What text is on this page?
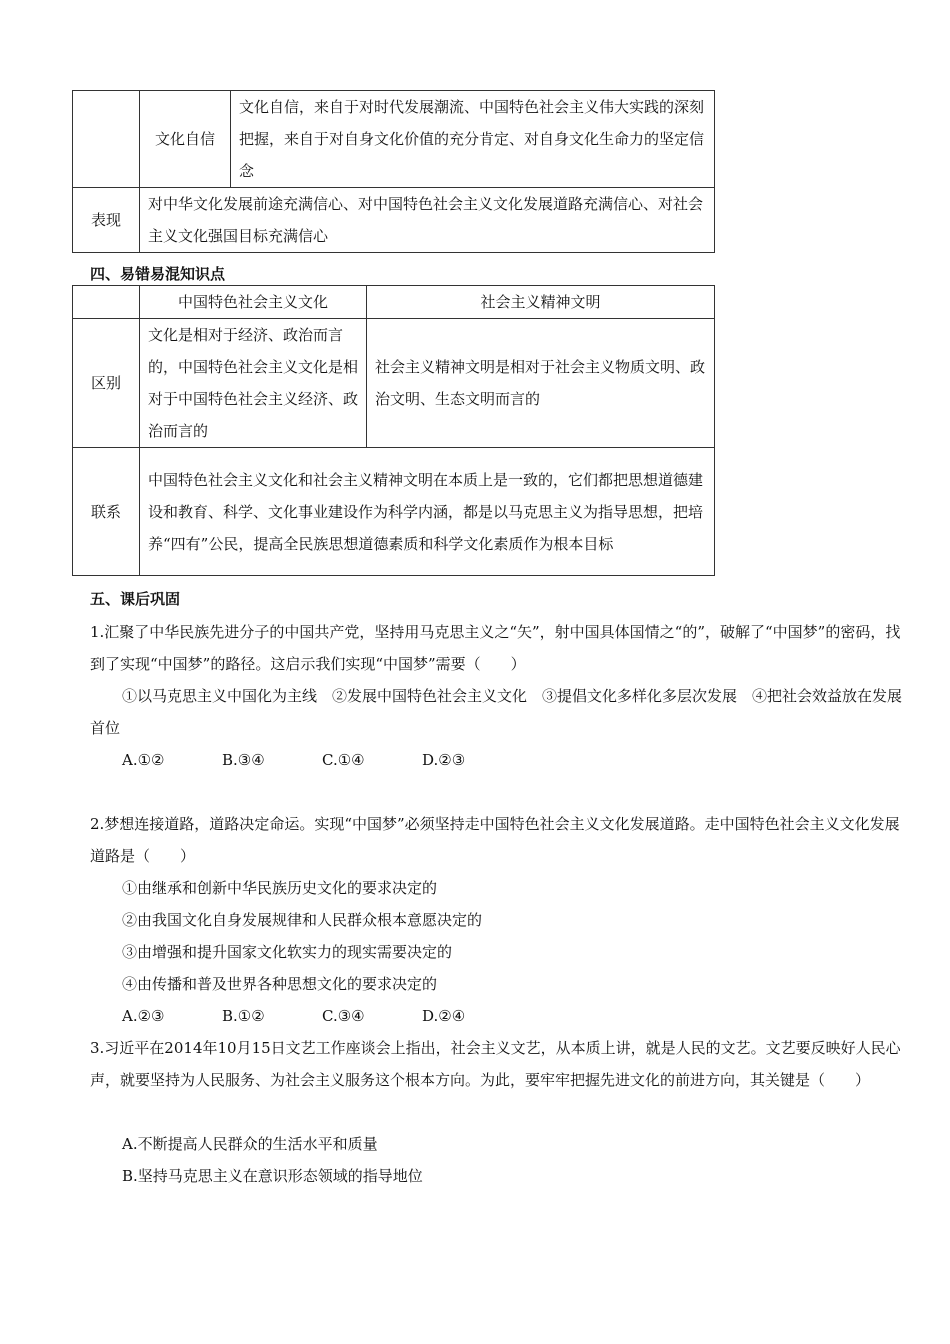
	文化自信	文化自信，来自于对时代发展潮流、中国特色社会主义伟大实践的深刻把握，来自于对自身文化价值的充分肯定、对自身文化生命力的坚定信念
表现	对中华文化发展前途充满信心、对中国特色社会主义文化发展道路充满信心、对社会主义文化强国目标充满信心	
四、易错易混知识点
	中国特色社会主义文化	社会主义精神文明
区别	文化是相对于经济、政治而言的，中国特色社会主义文化是相对于中国特色社会主义经济、政治而言的	社会主义精神文明是相对于社会主义物质文明、政治文明、生态文明而言的
联系	中国特色社会主义文化和社会主义精神文明在本质上是一致的，它们都把思想道德建设和教育、科学、文化事业建设作为科学内涵，都是以马克思主义为指导思想，把培养“四有”公民，提高全民族思想道德素质和科学文化素质作为根本目标	
五、课后巩固
1.汇聚了中华民族先进分子的中国共产党，坚持用马克思主义之“矢”，射中国具体国情之“的”，破解了“中国梦”的密码，找到了实现“中国梦”的路径。这启示我们实现“中国梦”需要（　　）
①以马克思主义中国化为主线　②发展中国特色社会主义文化　③提倡文化多样化多层次发展　④把社会效益放在发展首位
A.①②	B.③④	C.①④	D.②③
2.梦想连接道路，道路决定命运。实现“中国梦”必须坚持走中国特色社会主义文化发展道路。走中国特色社会主义文化发展道路是（　　）
①由继承和创新中华民族历史文化的要求决定的
②由我国文化自身发展规律和人民群众根本意愿决定的
③由增强和提升国家文化软实力的现实需要决定的
④由传播和普及世界各种思想文化的要求决定的
A.②③	B.①②	C.③④	D.②④
3.习近平在2014年10月15日文艺工作座谈会上指出，社会主义文艺，从本质上讲，就是人民的文艺。文艺要反映好人民心声，就要坚持为人民服务、为社会主义服务这个根本方向。为此，要牢牢把握先进文化的前进方向，其关键是（　　）
A.不断提高人民群众的生活水平和质量
B.坚持马克思主义在意识形态领域的指导地位
